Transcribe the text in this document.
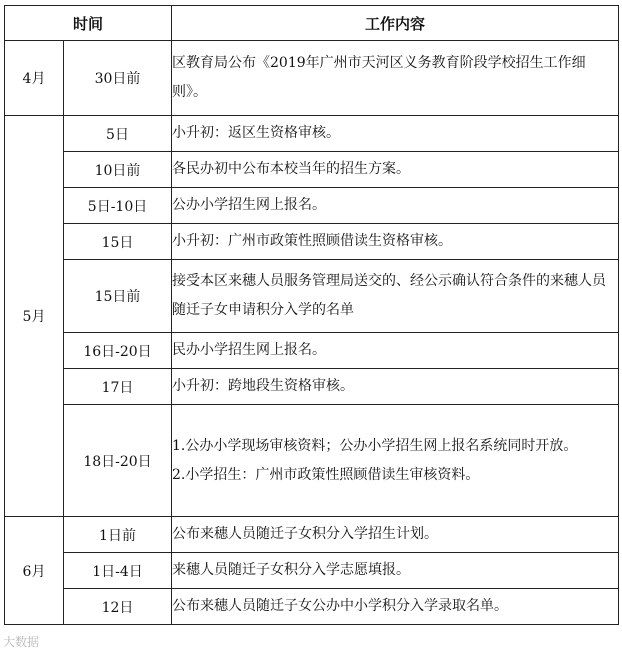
时间		工作内容
4月	30日前	区教育局公布《2019年广州市天河区义务教育阶段学校招生工作细则》。
5月	5日	小升初：返区生资格审核。
	10日前	各民办初中公布本校当年的招生方案。
	5日-10日	公办小学招生网上报名。
	15日	小升初：广州市政策性照顾借读生资格审核。
	15日前	接受本区来穗人员服务管理局送交的、经公示确认符合条件的来穗人员随迁子女申请积分入学的名单
	16日-20日	民办小学招生网上报名。
	17日	小升初：跨地段生资格审核。
	18日-20日	1.公办小学现场审核资料；公办小学招生网上报名系统同时开放。
2.小学招生：广州市政策性照顾借读生审核资料。

6月	1日前	公布来穗人员随迁子女积分入学招生计划。
	1日-4日	来穗人员随迁子女积分入学志愿填报。
	12日	公布来穗人员随迁子女公办中小学积分入学录取名单。
大数据
